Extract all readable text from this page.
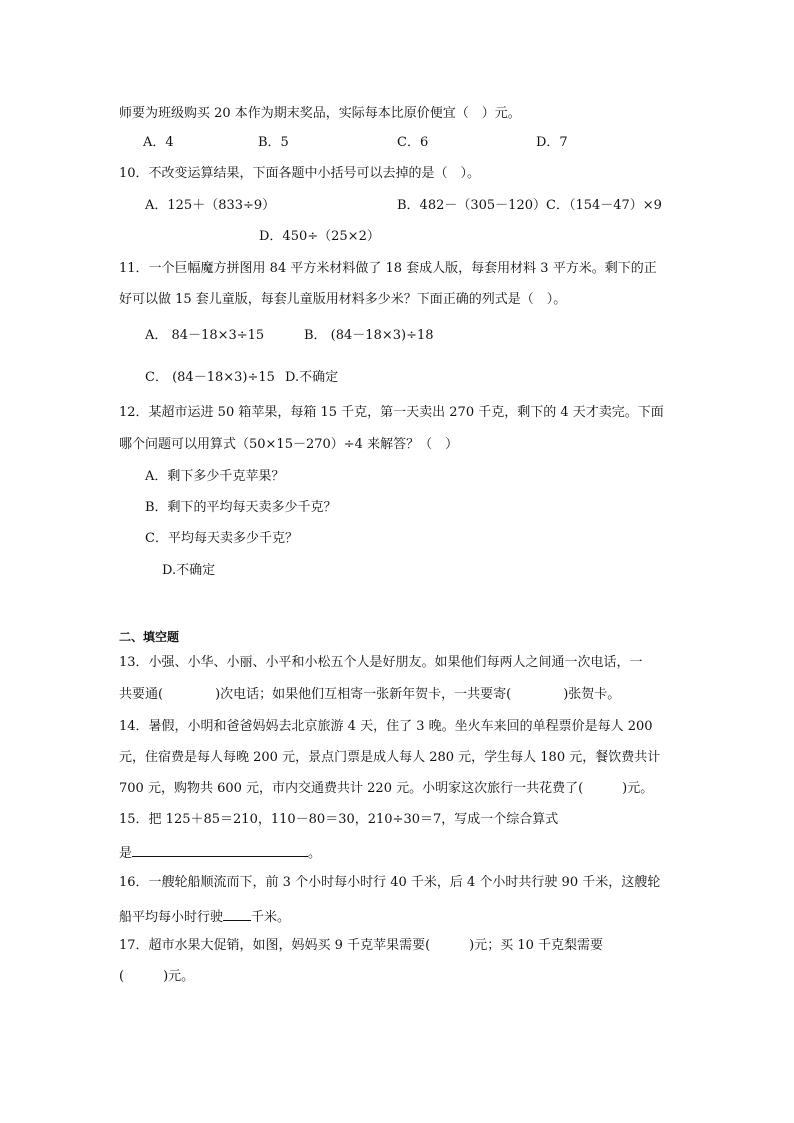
师要为班级购买 20 本作为期末奖品，实际每本比原价便宜（　）元。
A．4	B．5	C．6	D．7
10．不改变运算结果，下面各题中小括号可以去掉的是（　）。
A．125＋（833÷9）	B．482－（305－120）C．（154－47）×9
D．450÷（25×2）
11．一个巨幅魔方拼图用 84 平方米材料做了 18 套成人版，每套用材料 3 平方米。剩下的正
好可以做 15 套儿童版，每套儿童版用材料多少米？下面正确的列式是（　）。
A． 84－18×3÷15	B． (84－18×3)÷18
C． (84－18×3)÷15 D.不确定
12．某超市运进 50 箱苹果，每箱 15 千克，第一天卖出 270 千克，剩下的 4 天才卖完。下面
哪个问题可以用算式（50×15－270）÷4 来解答？（　）
A．剩下多少千克苹果？
B．剩下的平均每天卖多少千克？
C．平均每天卖多少千克？
D.不确定
二、填空题
13．小强、小华、小丽、小平和小松五个人是好朋友。如果他们每两人之间通一次电话，一
共要通(　　　　)次电话；如果他们互相寄一张新年贺卡，一共要寄(　　　　)张贺卡。
14．暑假，小明和爸爸妈妈去北京旅游 4 天，住了 3 晚。坐火车来回的单程票价是每人 200
元，住宿费是每人每晚 200 元，景点门票是成人每人 280 元，学生每人 180 元，餐饮费共计
700 元，购物共 600 元，市内交通费共计 220 元。小明家这次旅行一共花费了(　　　)元。
15．把 125＋85＝210，110－80＝30，210÷30＝7，写成一个综合算式
是	。
16．一艘轮船顺流而下，前 3 个小时每小时行 40 千米，后 4 个小时共行驶 90 千米，这艘轮
船平均每小时行驶 千米。
17．超市水果大促销，如图，妈妈买 9 千克苹果需要(　　　)元；买 10 千克梨需要
(　　　)元。
